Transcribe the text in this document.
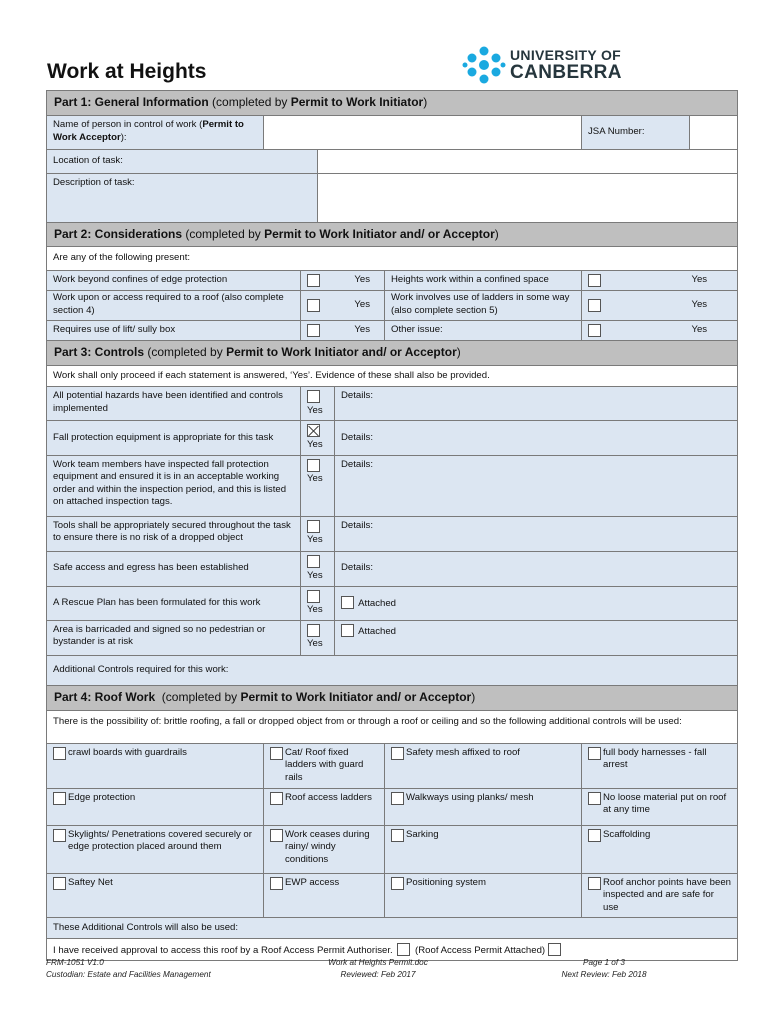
Work at Heights
UNIVERSITY OF
CANBERRA
Part 1: General Information (completed by Permit to Work Initiator)							
Name of person in control of work (Permit to Work Acceptor):						JSA Number:	
Location of task:							
Description of task:							
Part 2: Considerations (completed by Permit to Work Initiator and/ or Acceptor)							
Are any of the following present:							
Work beyond confines of edge protection		Yes			Heights work within a confined space	Yes	

Work upon or access required to a roof (also complete section 4)		Yes			Work involves use of ladders in some way (also complete section 5)	Yes	

Requires use of lift/ sully box		Yes			Other issue:	Yes	

Part 3: Controls (completed by Permit to Work Initiator and/ or Acceptor)							
Work shall only proceed if each statement is answered, ‘Yes’. Evidence of these shall also be provided.							
All potential hazards have been identified and controls implemented		Yes		Details:			
Fall protection equipment is appropriate for this task		Yes		Details:			
Work team members have inspected fall protection equipment and ensured it is in an acceptable working order and within the inspection period, and this is listed on attached inspection tags.		Yes		Details:			
Tools shall be appropriately secured throughout the task to ensure there is no risk of a dropped object		Yes		Details:			
Safe access and egress has been established		Yes		Details:			
A Rescue Plan has been formulated for this work		Yes		Attached			
Area is barricaded and signed so no pedestrian or bystander is at risk		Yes		Attached			
Additional Controls required for this work:							
Part 4: Roof Work (completed by Permit to Work Initiator and/ or Acceptor)							
There is the possibility of: brittle roofing, a fall or dropped object from or through a roof or ceiling and so the following additional controls will be used:							

crawl boards with guardrails	Cat/ Roof fixed ladders with guard rails				Safety mesh affixed to roof	full body harnesses - fall arrest	

Edge protection	Roof access ladders				Walkways using planks/ mesh	No loose material put on roof at any time	

Skylights/ Penetrations covered securely or edge protection placed around them	Work ceases during rainy/ windy conditions				Sarking	Scaffolding	

Saftey Net	EWP access				Positioning system	Roof anchor points have been inspected and are safe for use	

These Additional Controls will also be used:							
I have received approval to access this roof by a Roof Access Permit Authoriser. (Roof Access Permit Attached)							
FRM-1051 V1.0
Custodian: Estate and Facilities Management
Work at Heights Permit.doc
Reviewed: Feb 2017
Page 1 of 3
Next Review: Feb 2018
